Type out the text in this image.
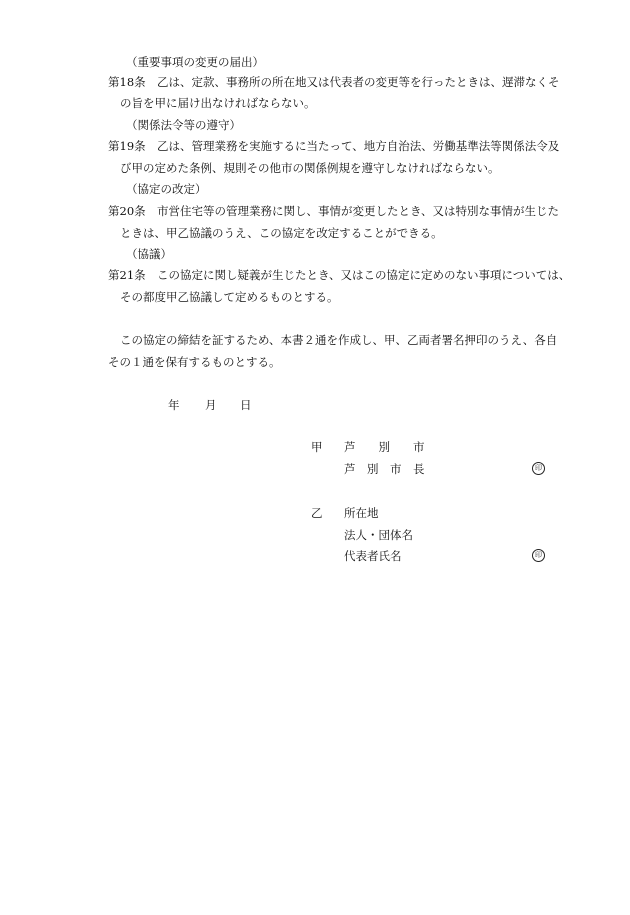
（重要事項の変更の届出）
第18条 乙は、定款、事務所の所在地又は代表者の変更等を行ったときは、遅滞なくそ
の旨を甲に届け出なければならない。
（関係法令等の遵守）
第19条 乙は、管理業務を実施するに当たって、地方自治法、労働基準法等関係法令及
び甲の定めた条例、規則その他市の関係例規を遵守しなければならない。
（協定の改定）
第20条 市営住宅等の管理業務に関し、事情が変更したとき、又は特別な事情が生じた
ときは、甲乙協議のうえ、この協定を改定することができる。
（協議）
第21条 この協定に関し疑義が生じたとき、又はこの協定に定めのない事項については、
その都度甲乙協議して定めるものとする。
この協定の締結を証するため、本書２通を作成し、甲、乙両者署名押印のうえ、各自
その１通を保有するものとする。
年 月 日
甲 芦　　別　　市
芦　別　市　長	印
乙 所在地
法人・団体名
代表者氏名	印
